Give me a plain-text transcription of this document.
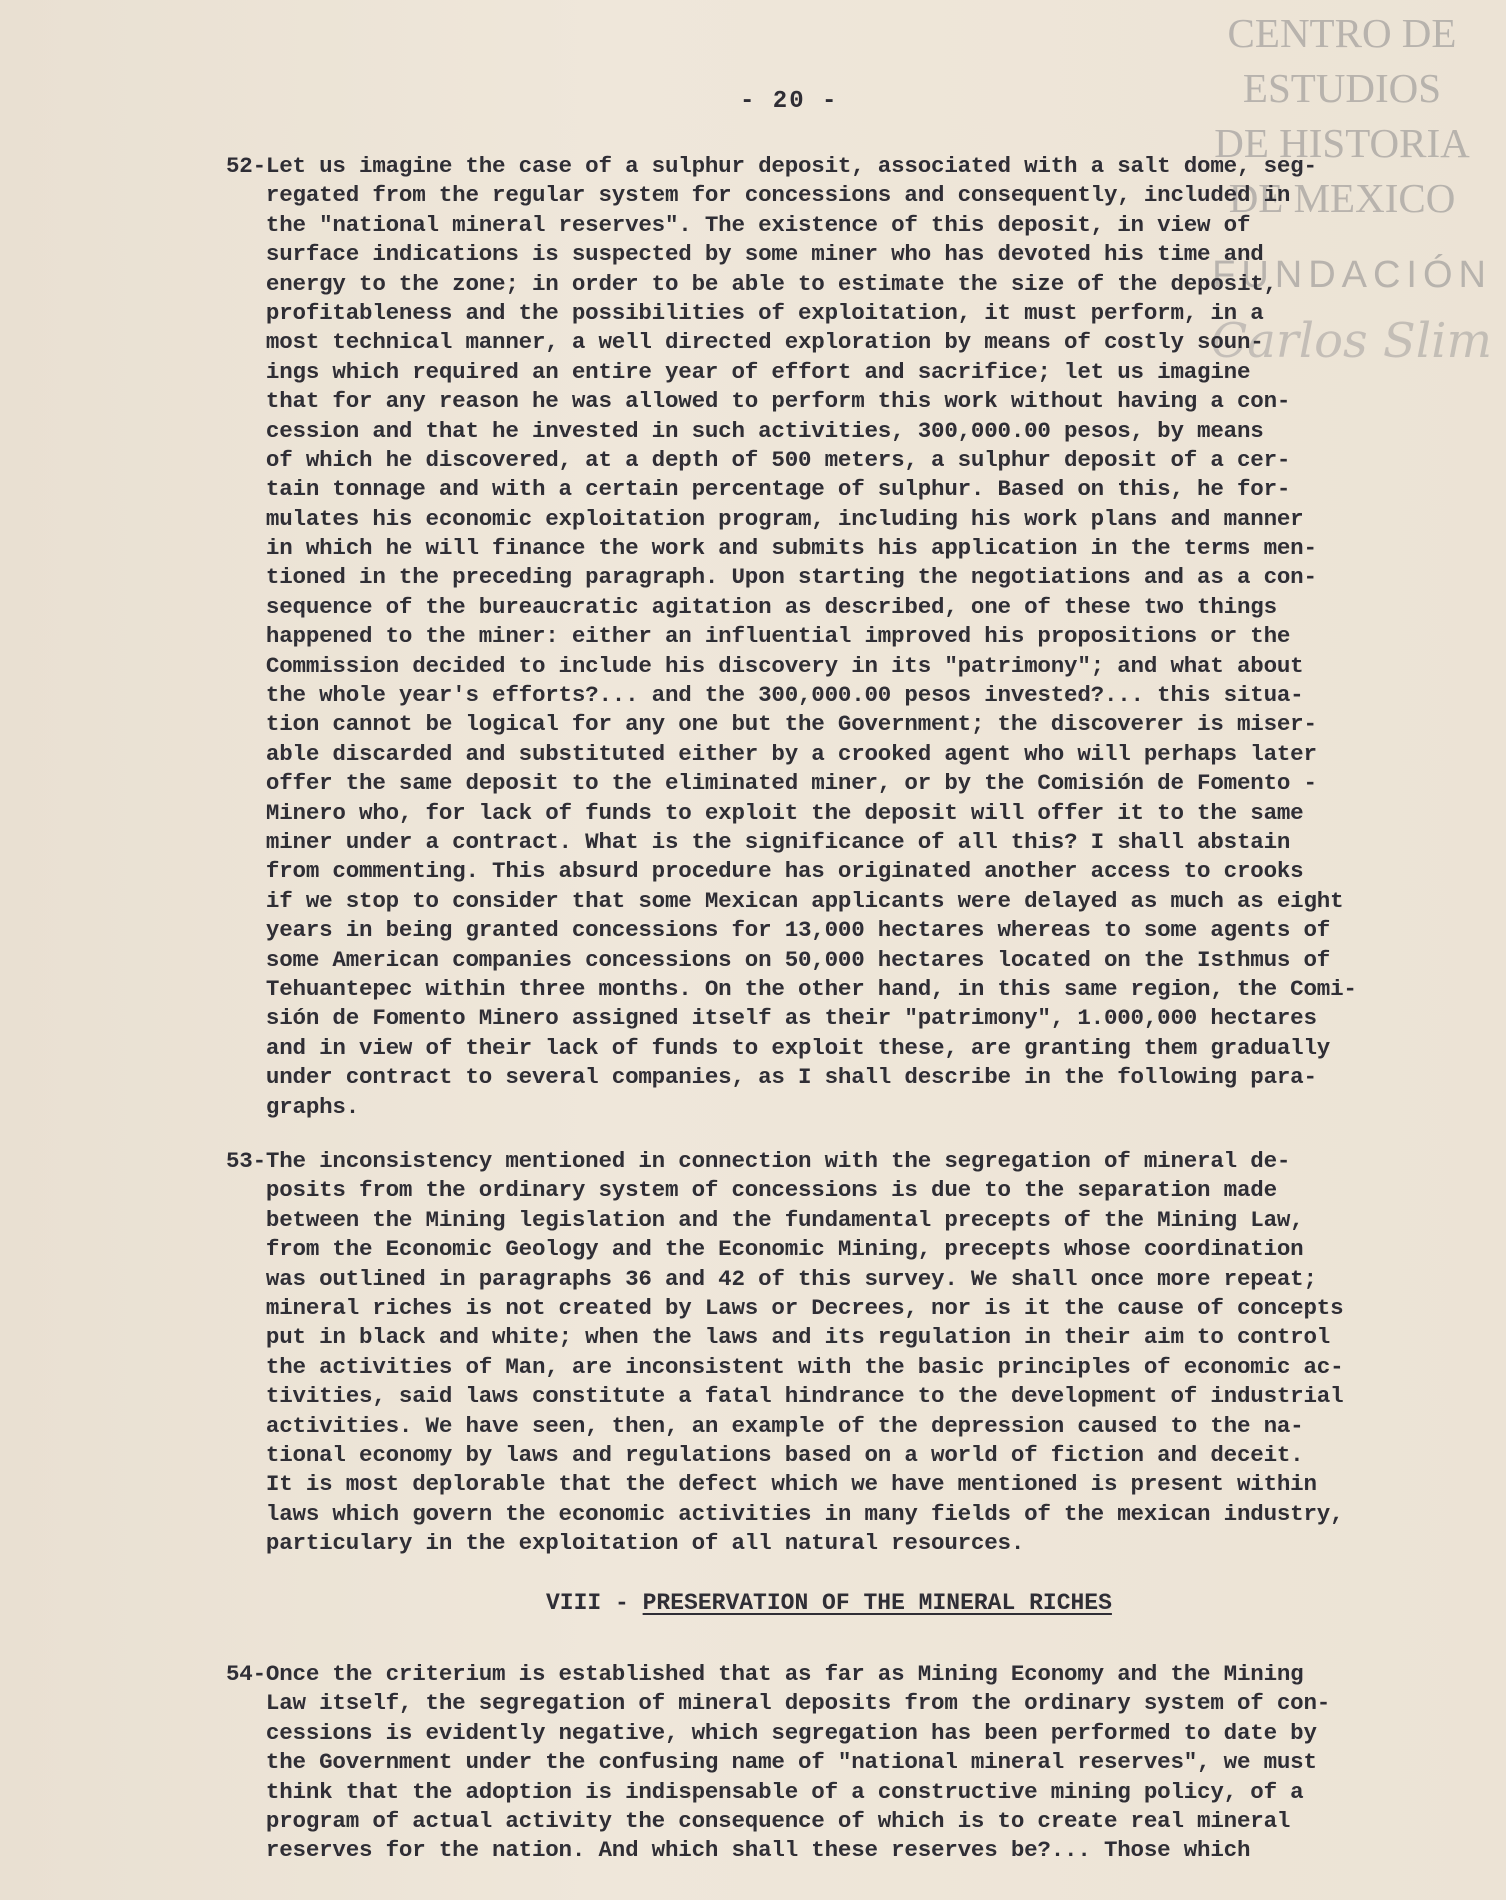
CENTRO DE
ESTUDIOS
DE HISTORIA
DE MEXICO
FUNDACIÓN
Carlos Slim
- 20 -
52-Let us imagine the case of a sulphur deposit, associated with a salt dome, seg-
regated from the regular system for concessions and consequently, included in
the "national mineral reserves". The existence of this deposit, in view of
surface indications is suspected by some miner who has devoted his time and
energy to the zone; in order to be able to estimate the size of the deposit,
profitableness and the possibilities of exploitation, it must perform, in a
most technical manner, a well directed exploration by means of costly soun-
ings which required an entire year of effort and sacrifice; let us imagine
that for any reason he was allowed to perform this work without having a con-
cession and that he invested in such activities, 300,000.00 pesos, by means
of which he discovered, at a depth of 500 meters, a sulphur deposit of a cer-
tain tonnage and with a certain percentage of sulphur. Based on this, he for-
mulates his economic exploitation program, including his work plans and manner
in which he will finance the work and submits his application in the terms men-
tioned in the preceding paragraph. Upon starting the negotiations and as a con-
sequence of the bureaucratic agitation as described, one of these two things
happened to the miner: either an influential improved his propositions or the
Commission decided to include his discovery in its "patrimony"; and what about
the whole year's efforts?... and the 300,000.00 pesos invested?... this situa-
tion cannot be logical for any one but the Government; the discoverer is miser-
able discarded and substituted either by a crooked agent who will perhaps later
offer the same deposit to the eliminated miner, or by the Comisión de Fomento -
Minero who, for lack of funds to exploit the deposit will offer it to the same
miner under a contract. What is the significance of all this? I shall abstain
from commenting. This absurd procedure has originated another access to crooks
if we stop to consider that some Mexican applicants were delayed as much as eight
years in being granted concessions for 13,000 hectares whereas to some agents of
some American companies concessions on 50,000 hectares located on the Isthmus of
Tehuantepec within three months. On the other hand, in this same region, the Comi-
sión de Fomento Minero assigned itself as their "patrimony", 1.000,000 hectares
and in view of their lack of funds to exploit these, are granting them gradually
under contract to several companies, as I shall describe in the following para-
graphs.
53-The inconsistency mentioned in connection with the segregation of mineral de-
posits from the ordinary system of concessions is due to the separation made
between the Mining legislation and the fundamental precepts of the Mining Law,
from the Economic Geology and the Economic Mining, precepts whose coordination
was outlined in paragraphs 36 and 42 of this survey. We shall once more repeat;
mineral riches is not created by Laws or Decrees, nor is it the cause of concepts
put in black and white; when the laws and its regulation in their aim to control
the activities of Man, are inconsistent with the basic principles of economic ac-
tivities, said laws constitute a fatal hindrance to the development of industrial
activities. We have seen, then, an example of the depression caused to the na-
tional economy by laws and regulations based on a world of fiction and deceit.
It is most deplorable that the defect which we have mentioned is present within
laws which govern the economic activities in many fields of the mexican industry,
particulary in the exploitation of all natural resources.
VIII - PRESERVATION OF THE MINERAL RICHES
54-Once the criterium is established that as far as Mining Economy and the Mining
Law itself, the segregation of mineral deposits from the ordinary system of con-
cessions is evidently negative, which segregation has been performed to date by
the Government under the confusing name of "national mineral reserves", we must
think that the adoption is indispensable of a constructive mining policy, of a
program of actual activity the consequence of which is to create real mineral
reserves for the nation. And which shall these reserves be?... Those which
